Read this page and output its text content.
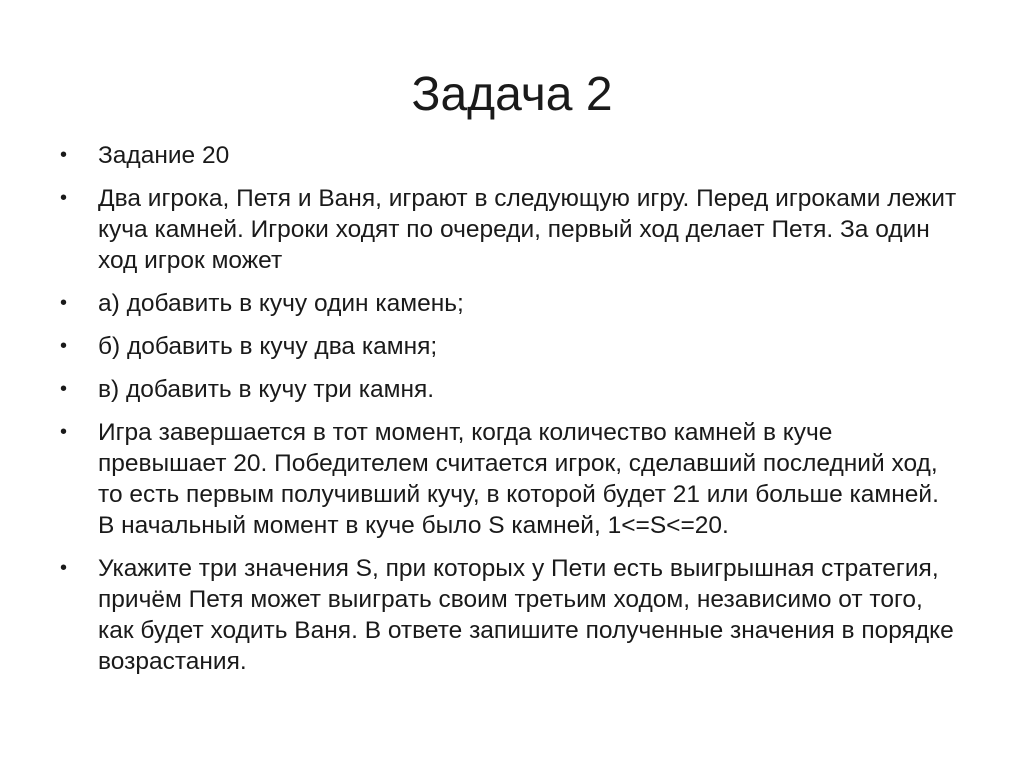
Задача 2
•	Задание 20
•	Два игрока, Петя и Ваня, играют в следующую игру. Перед игроками лежит куча камней. Игроки ходят по очереди, первый ход делает Петя. За один ход игрок может
•	а) добавить в кучу один камень;
•	б) добавить в кучу два камня;
•	в) добавить в кучу три камня.
•	Игра завершается в тот момент, когда количество камней в куче превышает 20. Победителем считается игрок, сделавший последний ход, то есть первым получивший кучу, в которой будет 21 или больше камней. В начальный момент в куче было S камней, 1<=S<=20.
•	Укажите три значения S, при которых у Пети есть выигрышная стратегия, причём Петя может выиграть своим третьим ходом, независимо от того, как будет ходить Ваня. В ответе запишите полученные значения в порядке возрастания.
